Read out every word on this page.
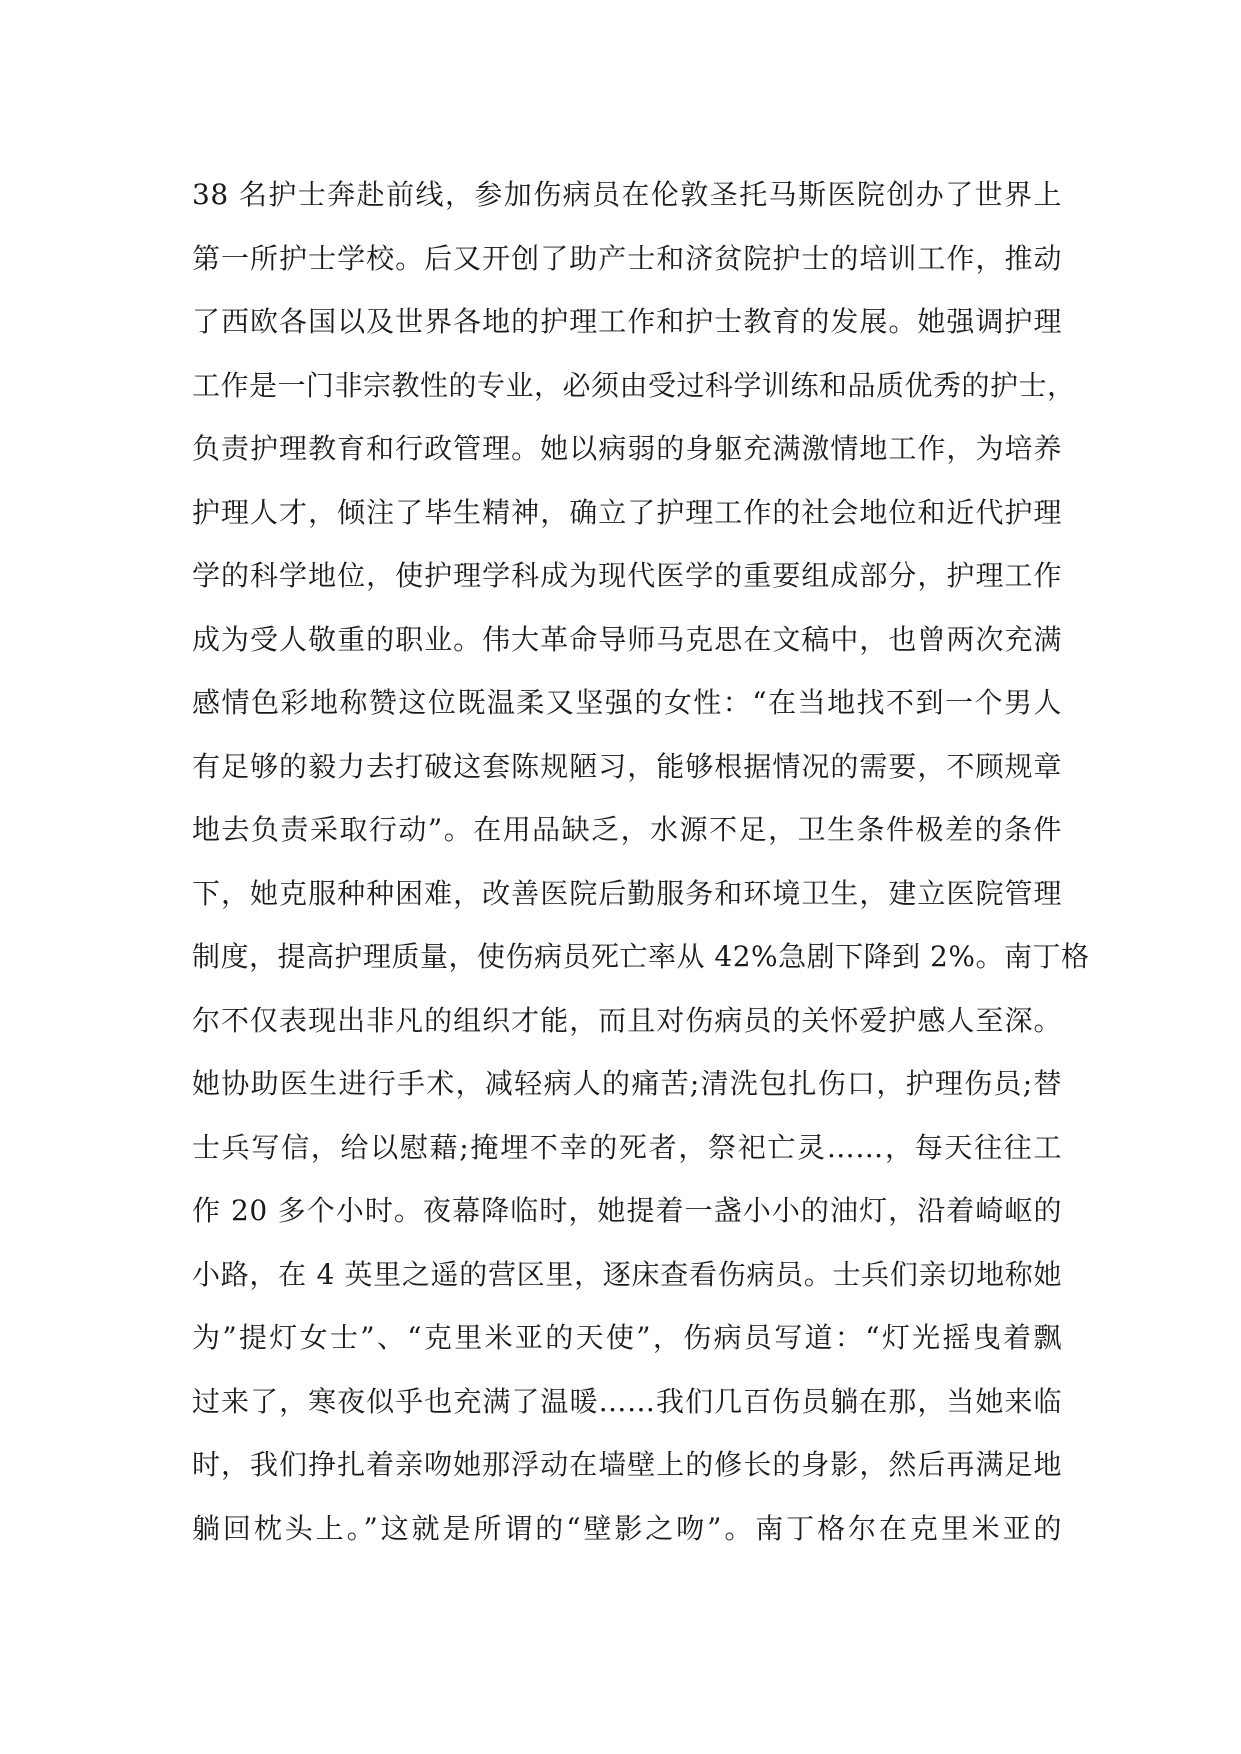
38 名护士奔赴前线，参加伤病员在伦敦圣托马斯医院创办了世界上
第一所护士学校。后又开创了助产士和济贫院护士的培训工作，推动
了西欧各国以及世界各地的护理工作和护士教育的发展。她强调护理
工作是一门非宗教性的专业，必须由受过科学训练和品质优秀的护士，
负责护理教育和行政管理。她以病弱的身躯充满激情地工作，为培养
护理人才，倾注了毕生精神，确立了护理工作的社会地位和近代护理
学的科学地位，使护理学科成为现代医学的重要组成部分，护理工作
成为受人敬重的职业。伟大革命导师马克思在文稿中，也曾两次充满
感情色彩地称赞这位既温柔又坚强的女性：“在当地找不到一个男人
有足够的毅力去打破这套陈规陋习，能够根据情况的需要，不顾规章
地去负责采取行动”。在用品缺乏，水源不足，卫生条件极差的条件
下，她克服种种困难，改善医院后勤服务和环境卫生，建立医院管理
制度，提高护理质量，使伤病员死亡率从 42%急剧下降到 2%。南丁格
尔不仅表现出非凡的组织才能，而且对伤病员的关怀爱护感人至深。
她协助医生进行手术，减轻病人的痛苦;清洗包扎伤口，护理伤员;替
士兵写信，给以慰藉;掩埋不幸的死者，祭祀亡灵……，每天往往工
作 20 多个小时。夜幕降临时，她提着一盏小小的油灯，沿着崎岖的
小路，在 4 英里之遥的营区里，逐床查看伤病员。士兵们亲切地称她
为”提灯女士”、“克里米亚的天使”，伤病员写道：“灯光摇曳着飘
过来了，寒夜似乎也充满了温暖……我们几百伤员躺在那，当她来临
时，我们挣扎着亲吻她那浮动在墙壁上的修长的身影，然后再满足地
躺回枕头上。”这就是所谓的“壁影之吻”。南丁格尔在克里米亚的
